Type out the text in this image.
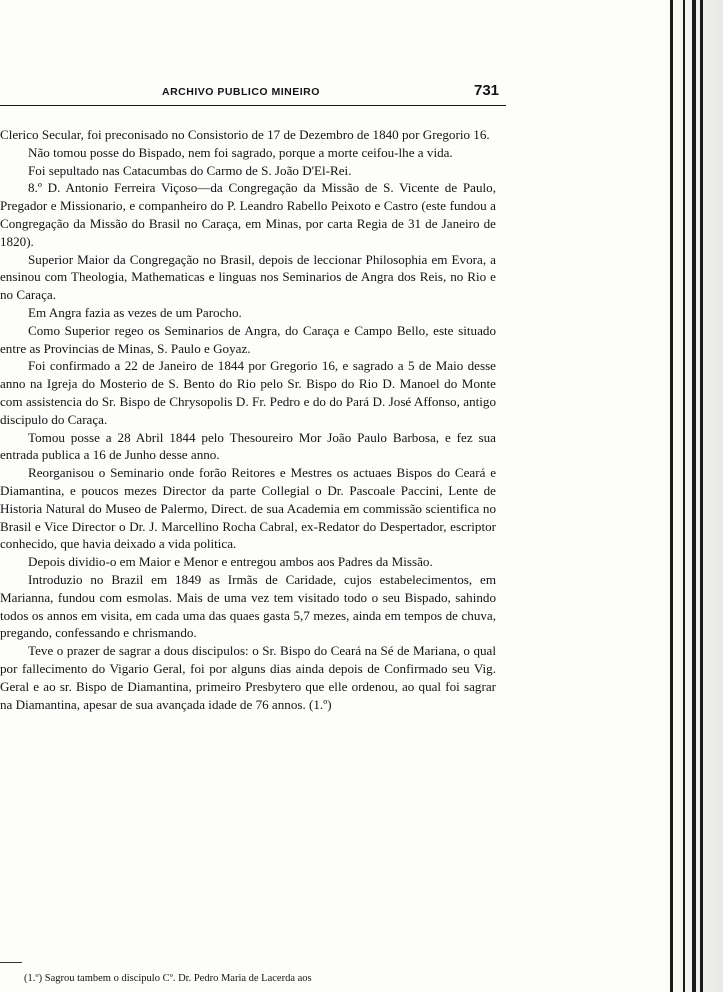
ARCHIVO PUBLICO MINEIRO	731

Clerico Secular, foi preconisado no Consistorio de 17 de Dezembro de 1840 por Gregorio 16.

Não tomou posse do Bispado, nem foi sagrado, porque a morte ceifou-lhe a vida.

Foi sepultado nas Catacumbas do Carmo de S. João D'El-Rei.

8.º D. Antonio Ferreira Viçoso—da Congregação da Missão de S. Vicente de Paulo, Pregador e Missionario, e companheiro do P. Leandro Rabello Peixoto e Castro (este fundou a Congregação da Missão do Brasil no Caraça, em Minas, por carta Regia de 31 de Janeiro de 1820).

Superior Maior da Congregação no Brasil, depois de leccionar Philosophia em Evora, a ensinou com Theologia, Mathematicas e linguas nos Seminarios de Angra dos Reis, no Rio e no Caraça.

Em Angra fazia as vezes de um Parocho.

Como Superior regeo os Seminarios de Angra, do Caraça e Campo Bello, este situado entre as Provincias de Minas, S. Paulo e Goyaz.

Foi confirmado a 22 de Janeiro de 1844 por Gregorio 16, e sagrado a 5 de Maio desse anno na Igreja do Mosterio de S. Bento do Rio pelo Sr. Bispo do Rio D. Manoel do Monte com assistencia do Sr. Bispo de Chrysopolis D. Fr. Pedro e do do Pará D. José Affonso, antigo discipulo do Caraça.

Tomou posse a 28 Abril 1844 pelo Thesoureiro Mor João Paulo Barbosa, e fez sua entrada publica a 16 de Junho desse anno.

Reorganisou o Seminario onde forão Reitores e Mestres os actuaes Bispos do Ceará e Diamantina, e poucos mezes Director da parte Collegial o Dr. Pascoale Paccini, Lente de Historia Natural do Museo de Palermo, Direct. de sua Academia em commissão scientifica no Brasil e Vice Director o Dr. J. Marcellino Rocha Cabral, ex-Redator do Despertador, escriptor conhecido, que havia deixado a vida politica.

Depois dividio-o em Maior e Menor e entregou ambos aos Padres da Missão.

Introduzio no Brazil em 1849 as Irmãs de Caridade, cujos estabelecimentos, em Marianna, fundou com esmolas. Mais de uma vez tem visitado todo o seu Bispado, sahindo todos os annos em visita, em cada uma das quaes gasta 5,7 mezes, ainda em tempos de chuva, pregando, confessando e chrismando.

Teve o prazer de sagrar a dous discipulos: o Sr. Bispo do Ceará na Sé de Mariana, o qual por fallecimento do Vigario Geral, foi por alguns dias ainda depois de Confirmado seu Vig. Geral e ao sr. Bispo de Diamantina, primeiro Presbytero que elle ordenou, ao qual foi sagrar na Diamantina, apesar de sua avançada idade de 76 annos. (1.º)

(1.º) Sagrou tambem o discipulo Cº. Dr. Pedro Maria de Lacerda aos
